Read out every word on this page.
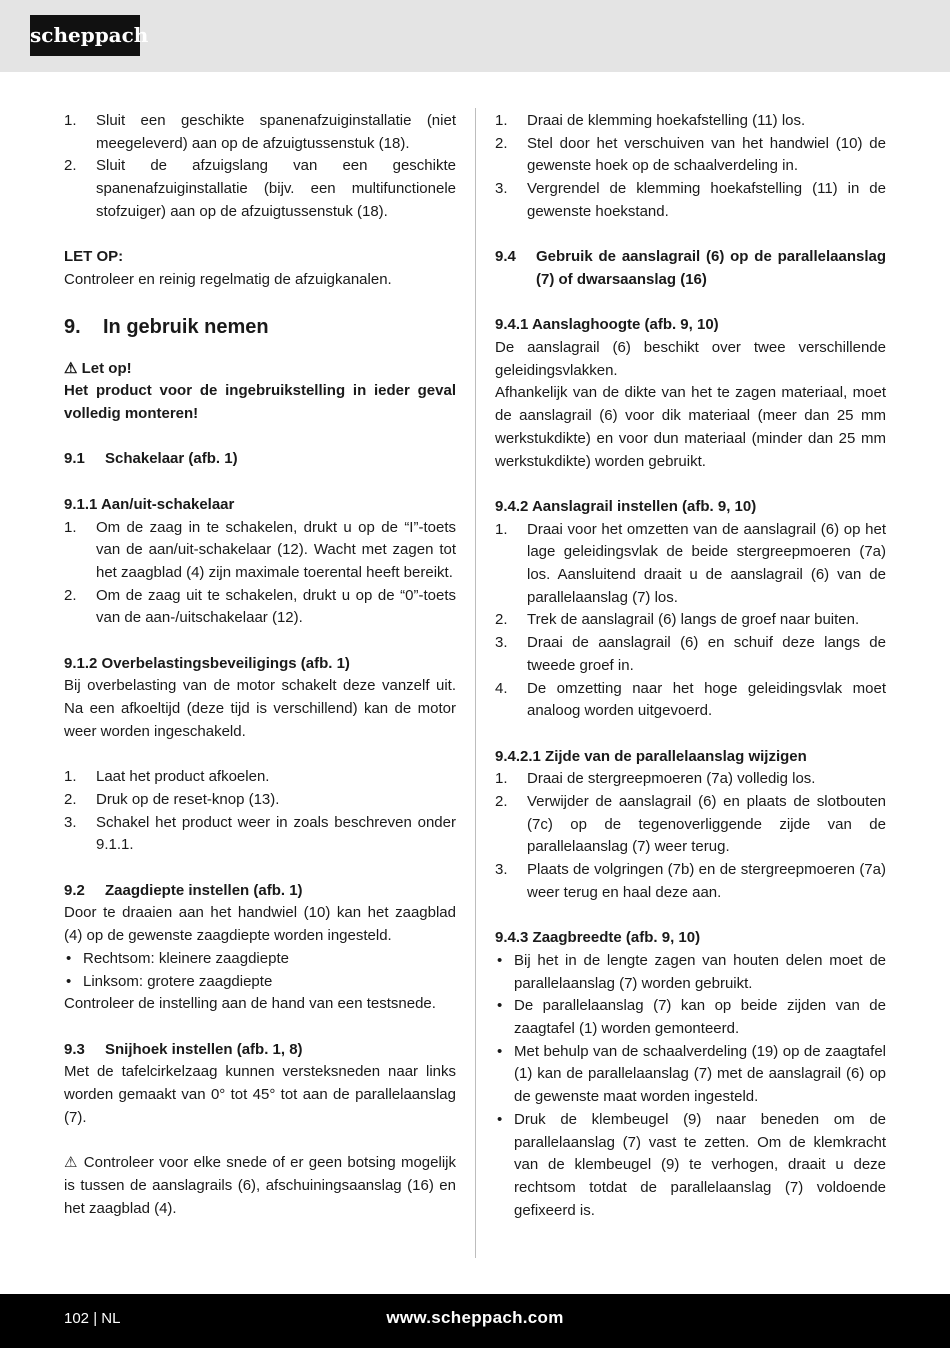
scheppach
1.	Sluit een geschikte spanenafzuiginstallatie (niet meegeleverd) aan op de afzuigtussenstuk (18).
2.	Sluit de afzuigslang van een geschikte spanenafzuiginstallatie (bijv. een multifunctionele stofzuiger) aan op de afzuigtussenstuk (18).
LET OP:

Controleer en reinig regelmatig de afzuigkanalen.

9.	In gebruik nemen
⚠ Let op!

Het product voor de ingebruikstelling in ieder geval volledig monteren!

9.1	Schakelaar (afb. 1)
9.1.1 Aan/uit-schakelaar
1.	Om de zaag in te schakelen, drukt u op de “I”-toets van de aan/uit-schakelaar (12). Wacht met zagen tot het zaagblad (4) zijn maximale toerental heeft bereikt.
2.	Om de zaag uit te schakelen, drukt u op de “0”-toets van de aan-/uitschakelaar (12).
9.1.2 Overbelastingsbeveiligings (afb. 1)

Bij overbelasting van de motor schakelt deze vanzelf uit. Na een afkoeltijd (deze tijd is verschillend) kan de motor weer worden ingeschakeld.

1.	Laat het product afkoelen.
2.	Druk op de reset-knop (13).
3.	Schakel het product weer in zoals beschreven onder 9.1.1.
9.2	Zaagdiepte instellen (afb. 1)

Door te draaien aan het handwiel (10) kan het zaagblad (4) op de gewenste zaagdiepte worden ingesteld.

• Rechtsom: kleinere zaagdiepte
• Linksom: grotere zaagdiepte

Controleer de instelling aan de hand van een testsnede.

9.3	Snijhoek instellen (afb. 1, 8)

Met de tafelcirkelzaag kunnen versteksneden naar links worden gemaakt van 0° tot 45° tot aan de parallelaanslag (7).

⚠ Controleer voor elke snede of er geen botsing mogelijk is tussen de aanslagrails (6), afschuiningsaanslag (16) en het zaagblad (4).

1.	Draai de klemming hoekafstelling (11) los.
2.	Stel door het verschuiven van het handwiel (10) de gewenste hoek op de schaalverdeling in.
3.	Vergrendel de klemming hoekafstelling (11) in de gewenste hoekstand.
9.4	Gebruik de aanslagrail (6) op de parallelaanslag (7) of dwarsaanslag (16)
9.4.1 Aanslaghoogte (afb. 9, 10)

De aanslagrail (6) beschikt over twee verschillende geleidingsvlakken.

Afhankelijk van de dikte van het te zagen materiaal, moet de aanslagrail (6) voor dik materiaal (meer dan 25 mm werkstukdikte) en voor dun materiaal (minder dan 25 mm werkstukdikte) worden gebruikt.

9.4.2 Aanslagrail instellen (afb. 9, 10)
1.	Draai voor het omzetten van de aanslagrail (6) op het lage geleidingsvlak de beide stergreepmoeren (7a) los. Aansluitend draait u de aanslagrail (6) van de parallelaanslag (7) los.
2.	Trek de aanslagrail (6) langs de groef naar buiten.
3.	Draai de aanslagrail (6) en schuif deze langs de tweede groef in.
4.	De omzetting naar het hoge geleidingsvlak moet analoog worden uitgevoerd.
9.4.2.1 Zijde van de parallelaanslag wijzigen
1.	Draai de stergreepmoeren (7a) volledig los.
2.	Verwijder de aanslagrail (6) en plaats de slotbouten (7c) op de tegenoverliggende zijde van de parallelaanslag (7) weer terug.
3.	Plaats de volgringen (7b) en de stergreepmoeren (7a) weer terug en haal deze aan.
9.4.3 Zaagbreedte (afb. 9, 10)
• Bij het in de lengte zagen van houten delen moet de parallelaanslag (7) worden gebruikt.
• De parallelaanslag (7) kan op beide zijden van de zaagtafel (1) worden gemonteerd.
• Met behulp van de schaalverdeling (19) op de zaagtafel (1) kan de parallelaanslag (7) met de aanslagrail (6) op de gewenste maat worden ingesteld.
• Druk de klembeugel (9) naar beneden om de parallelaanslag (7) vast te zetten. Om de klemkracht van de klembeugel (9) te verhogen, draait u deze rechtsom totdat de parallelaanslag (7) voldoende gefixeerd is.
102 | NL	www.scheppach.com
